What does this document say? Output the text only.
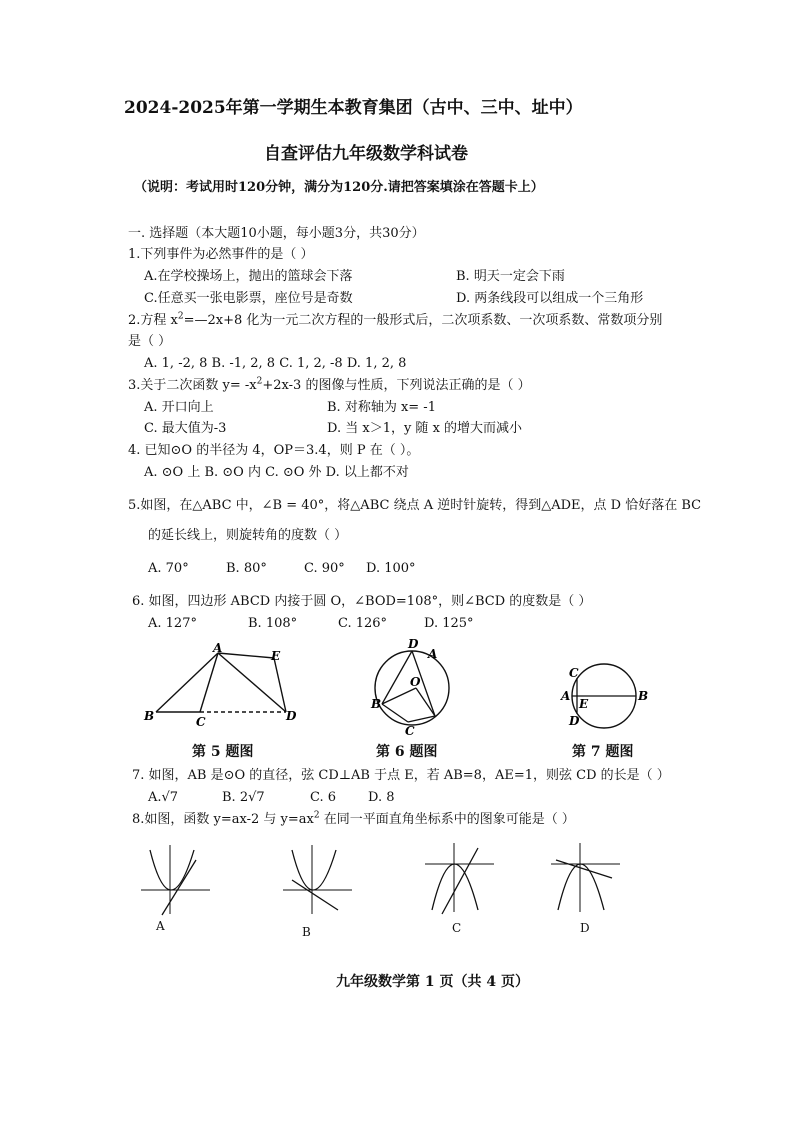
2024-2025年第一学期生本教育集团（古中、三中、址中）
自查评估九年级数学科试卷
（说明：考试用时120分钟，满分为120分.请把答案填涂在答题卡上）
一. 选择题（本大题10小题，每小题3分，共30分）
1.下列事件为必然事件的是（ ）
A.在学校操场上，抛出的篮球会下落	B. 明天一定会下雨
C.任意买一张电影票，座位号是奇数	D. 两条线段可以组成一个三角形
2.方程 $x^2=—2x+8$ 化为一元二次方程的一般形式后，二次项系数、一次项系数、常数项分别
是（ ）
A. 1, -2, 8 B. -1, 2, 8 C. 1, 2, -8 D. 1, 2, 8
3.关于二次函数 $y= -x^2+2x-3$ 的图像与性质，下列说法正确的是（ ）
A. 开口向上	B. 对称轴为 x= -1
C. 最大值为-3	D. 当 x＞1，y 随 x 的增大而减小
4. 已知⊙O 的半径为 4，OP＝3.4，则 P 在（ ）。
A. ⊙O 上 B. ⊙O 内 C. ⊙O 外 D. 以上都不对
5.如图，在△ABC 中，∠B = 40°，将△ABC 绕点 A 逆时针旋转，得到△ADE，点 D 恰好落在 BC
的延长线上，则旋转角的度数（ ）
A. 70°	B. 80°	C. 90° D. 100°
6. 如图，四边形 ABCD 内接于圆 O，∠BOD=108°，则∠BCD 的度数是（ ）
A. 127°	B. 108°	C. 126°	D. 125°
A
E
B	C	D
第 5 题图
D
A
O
B
C
第 6 题图
C
A
E
B
D
第 7 题图
7. 如图，AB 是⊙O 的直径，弦 CD⊥AB 于点 E，若 AB=8，AE=1，则弦 CD 的长是（ ）
A.√7	B. 2√7	C. 6 D. 8
8.如图，函数 y=ax-2 与 $y=ax^2$ 在同一平面直角坐标系中的图象可能是（ ）
A	B	C	D
九年级数学第 1 页（共 4 页）
